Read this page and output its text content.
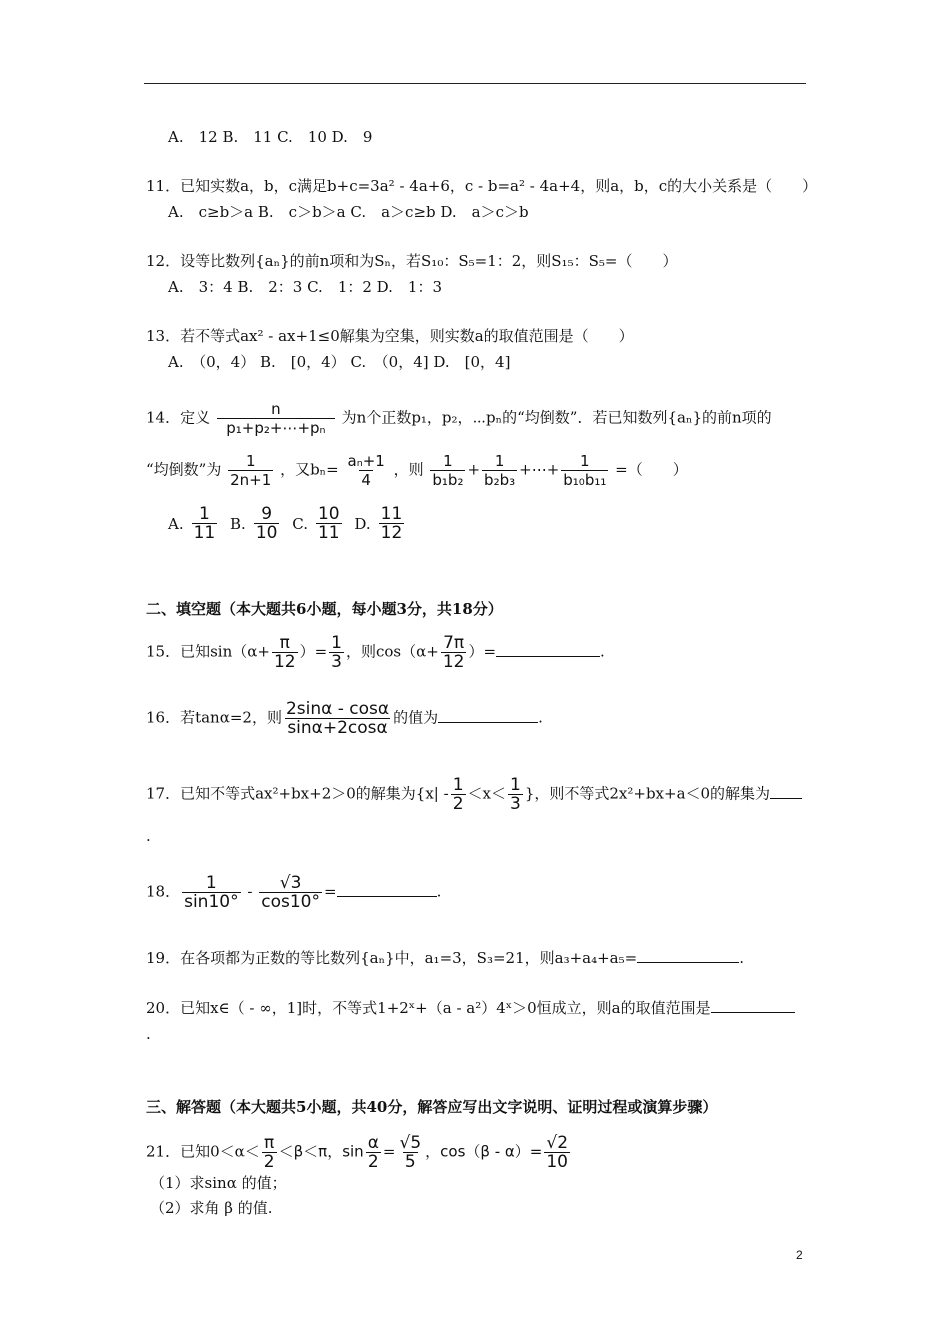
A.　12 B.　11 C.　10 D.　9
11．已知实数a，b，c满足b+c=3a² - 4a+6，c - b=a² - 4a+4，则a，b，c的大小关系是（　　）
A.　c≥b＞a B.　c＞b＞a C.　a＞c≥b D.　a＞c＞b
12．设等比数列{aₙ}的前n项和为Sₙ，若S₁₀：S₅=1：2，则S₁₅：S₅=（　　）
A.　3：4 B.　2：3 C.　1：2 D.　1：3
13．若不等式ax² - ax+1≤0解集为空集，则实数a的取值范围是（　　）
A.　（0，4） B.　[0，4） C.　（0，4] D.　[0，4]
14．定义 $\frac{n}{\text{p₁+p₂+⋯+pₙ}}$ 为n个正数p₁，p₂，⋯pₙ的“均倒数”．若已知数列{aₙ}的前n项的
“均倒数”为 $\frac{1}{2n+1}$ ，又$b_n= \frac{\text{aₙ+1}}{4}$ ，则 $\frac{1}{\text{b₁b₂}} + \frac{1}{\text{b₂b₃}}$ +⋯+ $\frac{1}{\text{b₁₀b₁₁}}$ =（　　）
A. $\frac{1}{11}$
B. $\frac{9}{10}$
C. $\frac{10}{11}$
D. $\frac{11}{12}$
二、填空题（本大题共6小题，每小题3分，共18分）
15．已知$\sin(\alpha+ \frac{\pi}{12}$ ）= $\frac{1}{3}$ ，则$\cos(\alpha+ \frac{7\pi}{12}$ ）=	.
16．若tanα=2，则 $\frac{2\sin\alpha - \cos\alpha}{\sin\alpha+2\cos\alpha}$ 的值为	.
17．已知不等式ax²+bx+2＞0的解集为{$x| - \frac{1}{2} <x< \frac{1}{3}$ }，则不等式2x²+bx+a＜0的解集为
.
18． $\frac{1}{\sin 10^\circ} - \frac{√3}{\cos 10^\circ}$ =	.
19．在各项都为正数的等比数列{aₙ}中，a₁=3，S₃=21，则a₃+a₄+a₅=	.
20．已知x∈（ - ∞，1]时，不等式1+2ˣ+（a - a²）4ˣ＞0恒成立，则a的取值范围是
.
三、解答题（本大题共5小题，共40分，解答应写出文字说明、证明过程或演算步骤）
21．已知$0<\alpha< \frac{\pi}{2} <\beta<\pi$，$\sin \frac{\alpha}{2} = \frac{√5}{5}$ ，$\cos(\beta - \alpha)= \frac{√2}{10}$
（1）求sinα 的值；
（2）求角 β 的值.
2
